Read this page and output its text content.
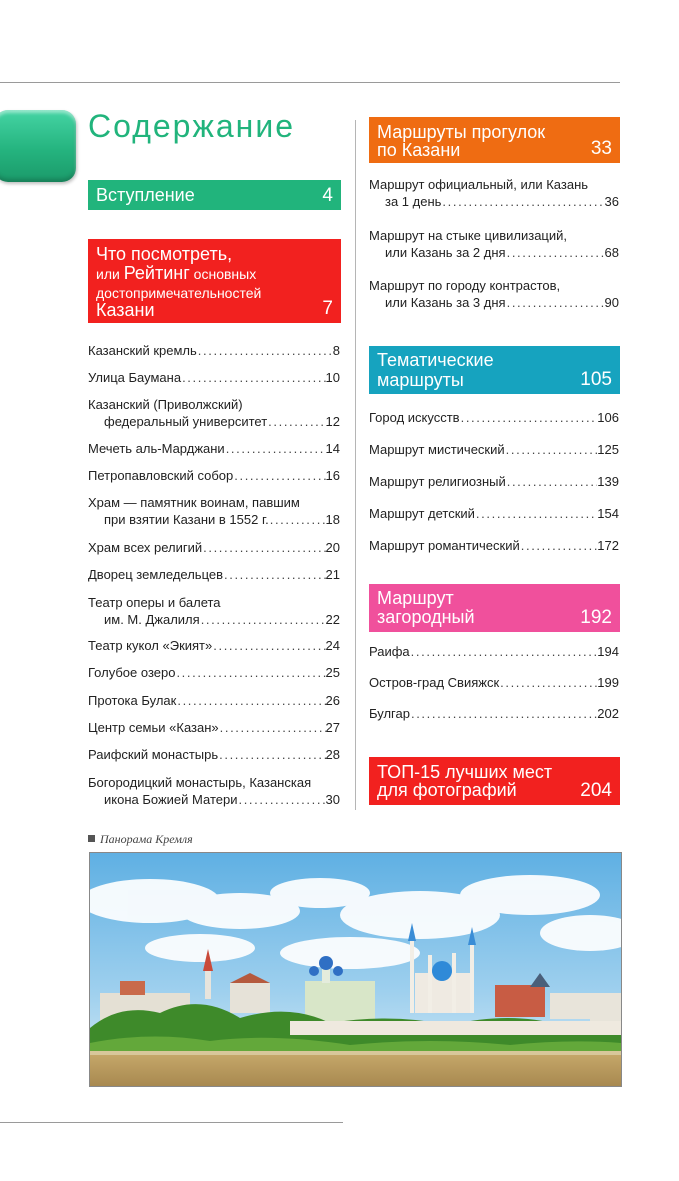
Содержание
Вступление	4
Что посмотреть,
или Рейтинг основных
достопримечательностей
Казани	7
Казанский кремль . . .	8
Улица Баумана . . .	10
Казанский (Приволжский)
федеральный университет . . .	12
Мечеть аль-Марджани . . .	14
Петропавловский собор . . .	16
Храм — памятник воинам, павшим
при взятии Казани в 1552 г. . . .	18
Храм всех религий . . .	20
Дворец земледельцев . . .	21
Театр оперы и балета
им. М. Джалиля . . .	22
Театр кукол «Экият» . . .	24
Голубое озеро . . .	25
Протока Булак . . .	26
Центр семьи «Казан» . . .	27
Раифский монастырь . . .	28
Богородицкий монастырь, Казанская
икона Божией Матери . . .	30
Маршруты прогулок
по Казани	33
Тематические
маршруты	105
Маршрут
загородный	192
ТОП-15 лучших мест
для фотографий	204
Маршрут официальный, или Казань
за 1 день . . .	36
Маршрут на стыке цивилизаций,
или Казань за 2 дня . . .	68
Маршрут по городу контрастов,
или Казань за 3 дня . . .	90
Город искусств . . .	106
Маршрут мистический . . .	125
Маршрут религиозный . . .	139
Маршрут детский . . .	154
Маршрут романтический . . .	172
Раифа . . .	194
Остров-град Свияжск . . .	199
Булгар . . .	202
Панорама Кремля
